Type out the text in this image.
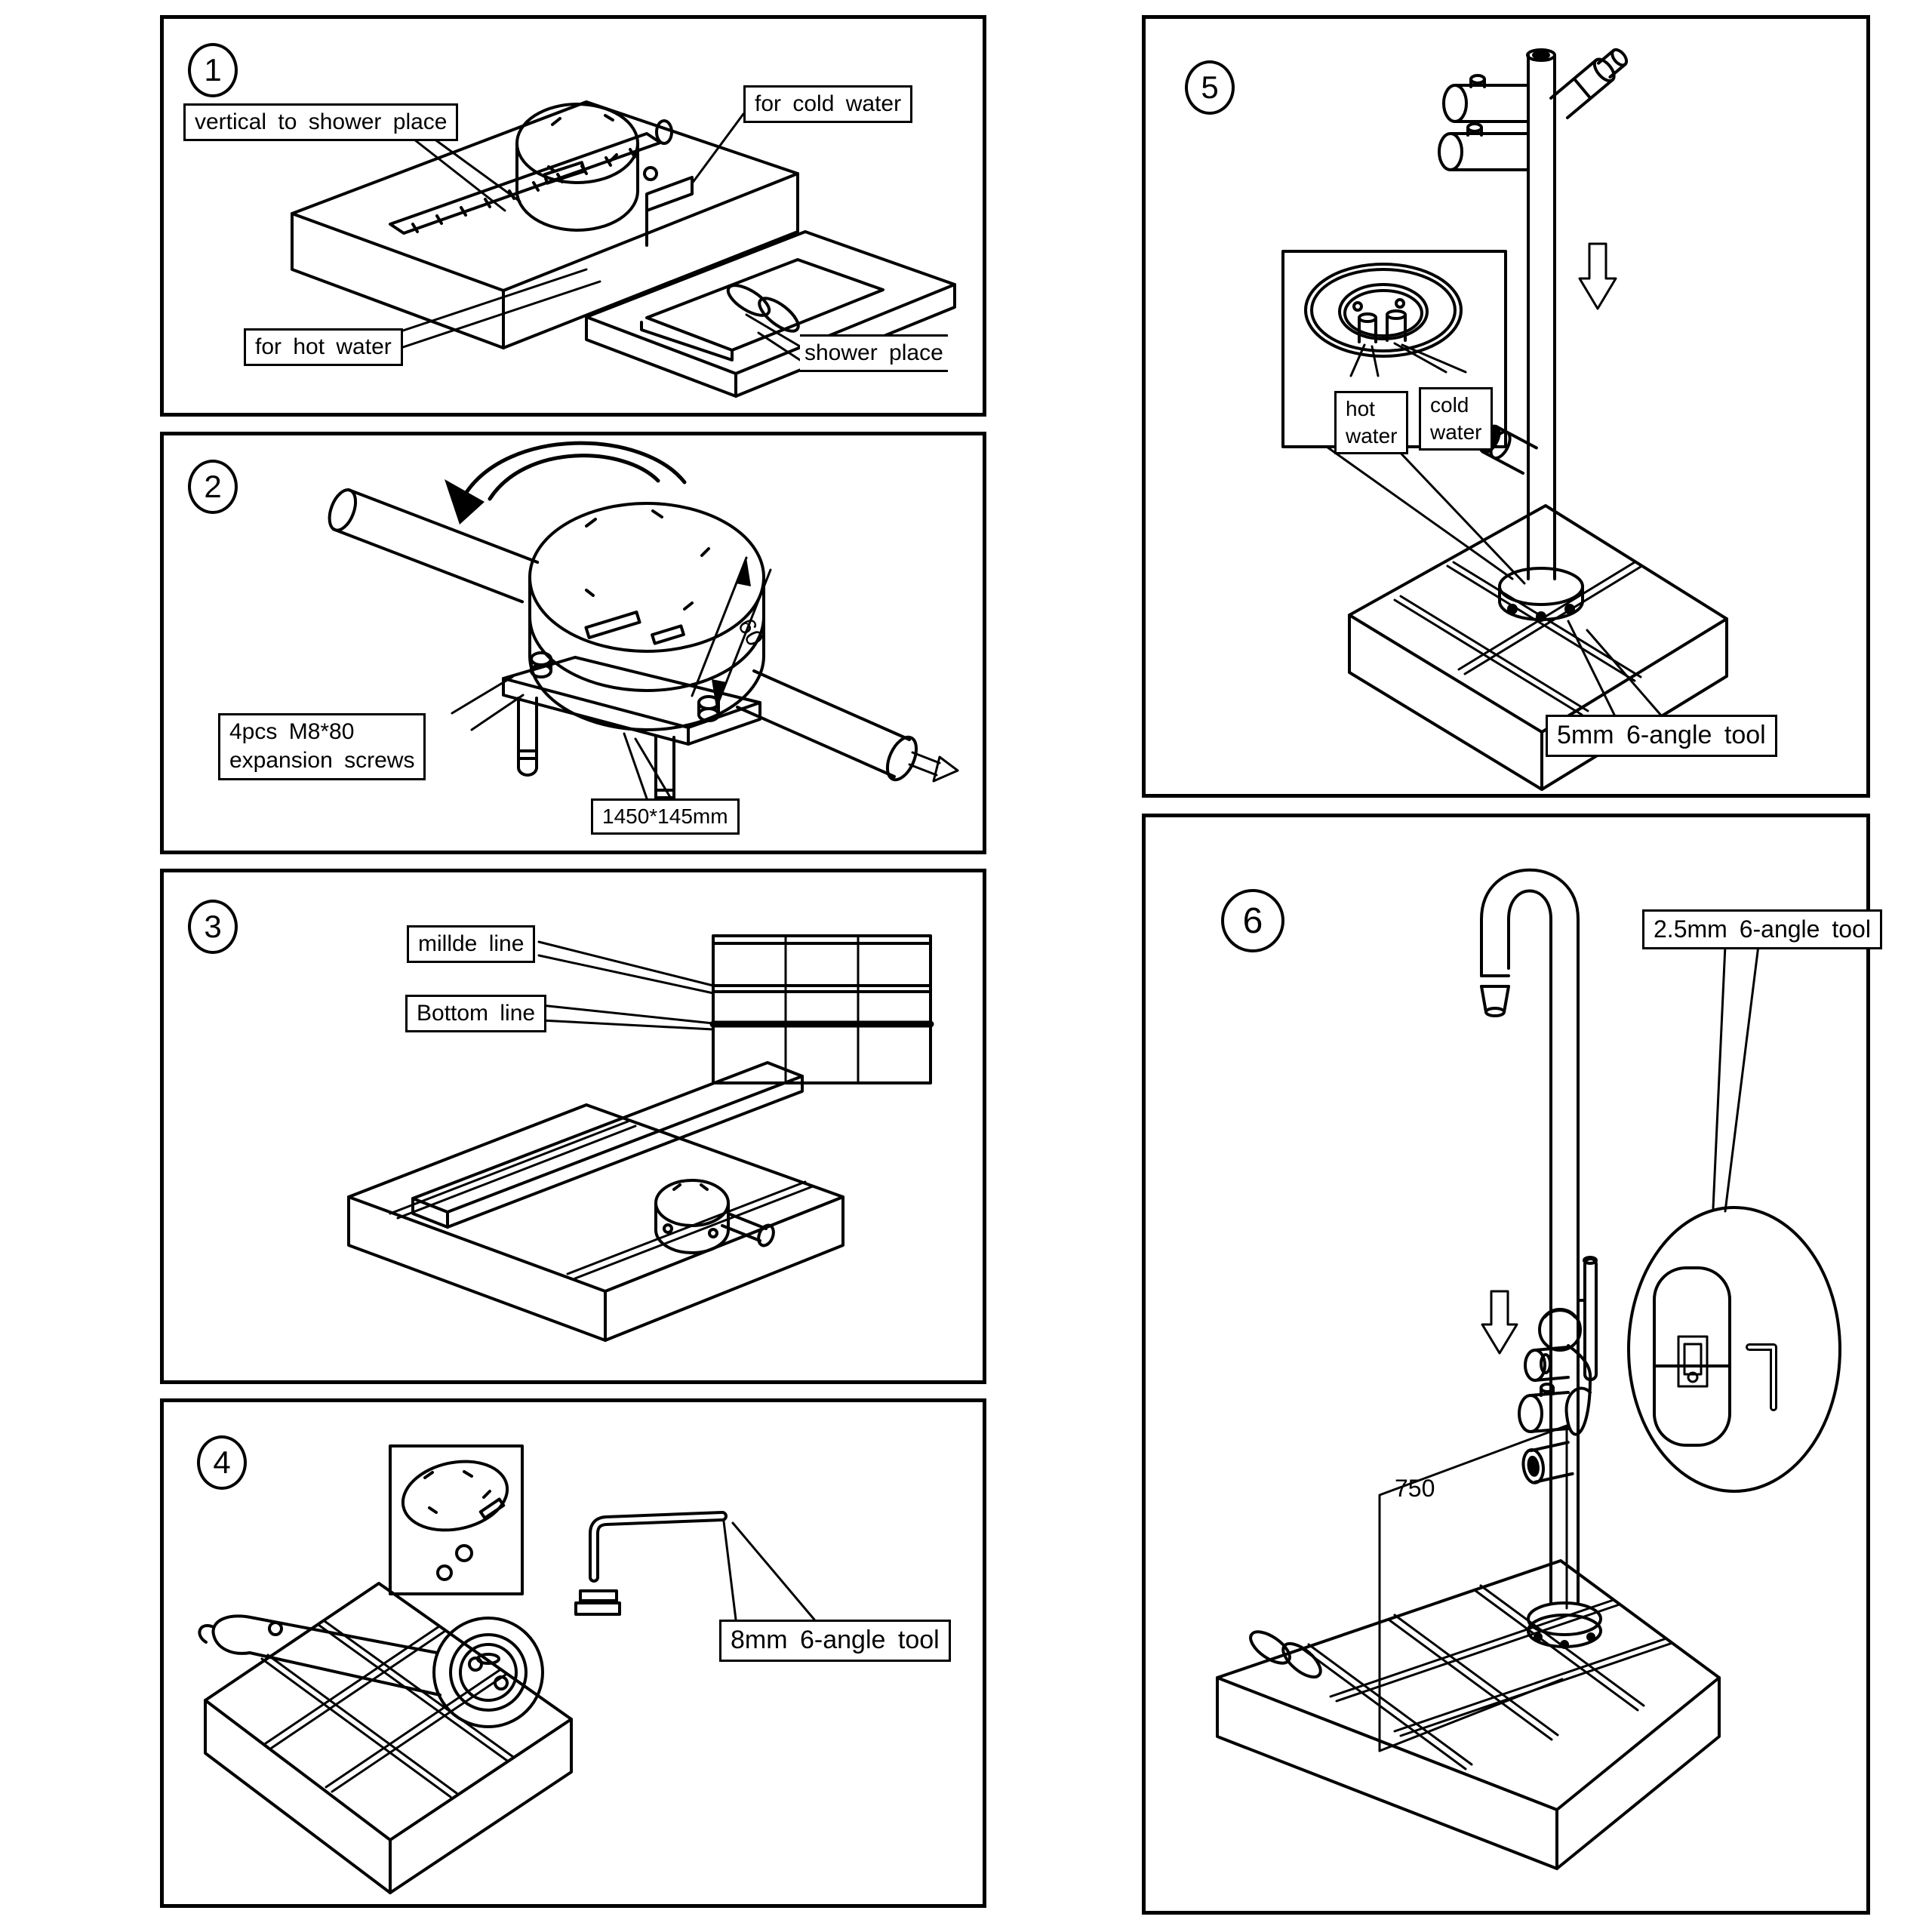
1
vertical to shower place
for cold water
for hot water	shower place
60
2
4pcs M8*80
expansion screws
1450*145mm
3	millde line
Bottom line
4
8mm 6-angle tool
5
hot
water
cold
water
5mm 6-angle tool
750
6	2.5mm 6-angle tool
